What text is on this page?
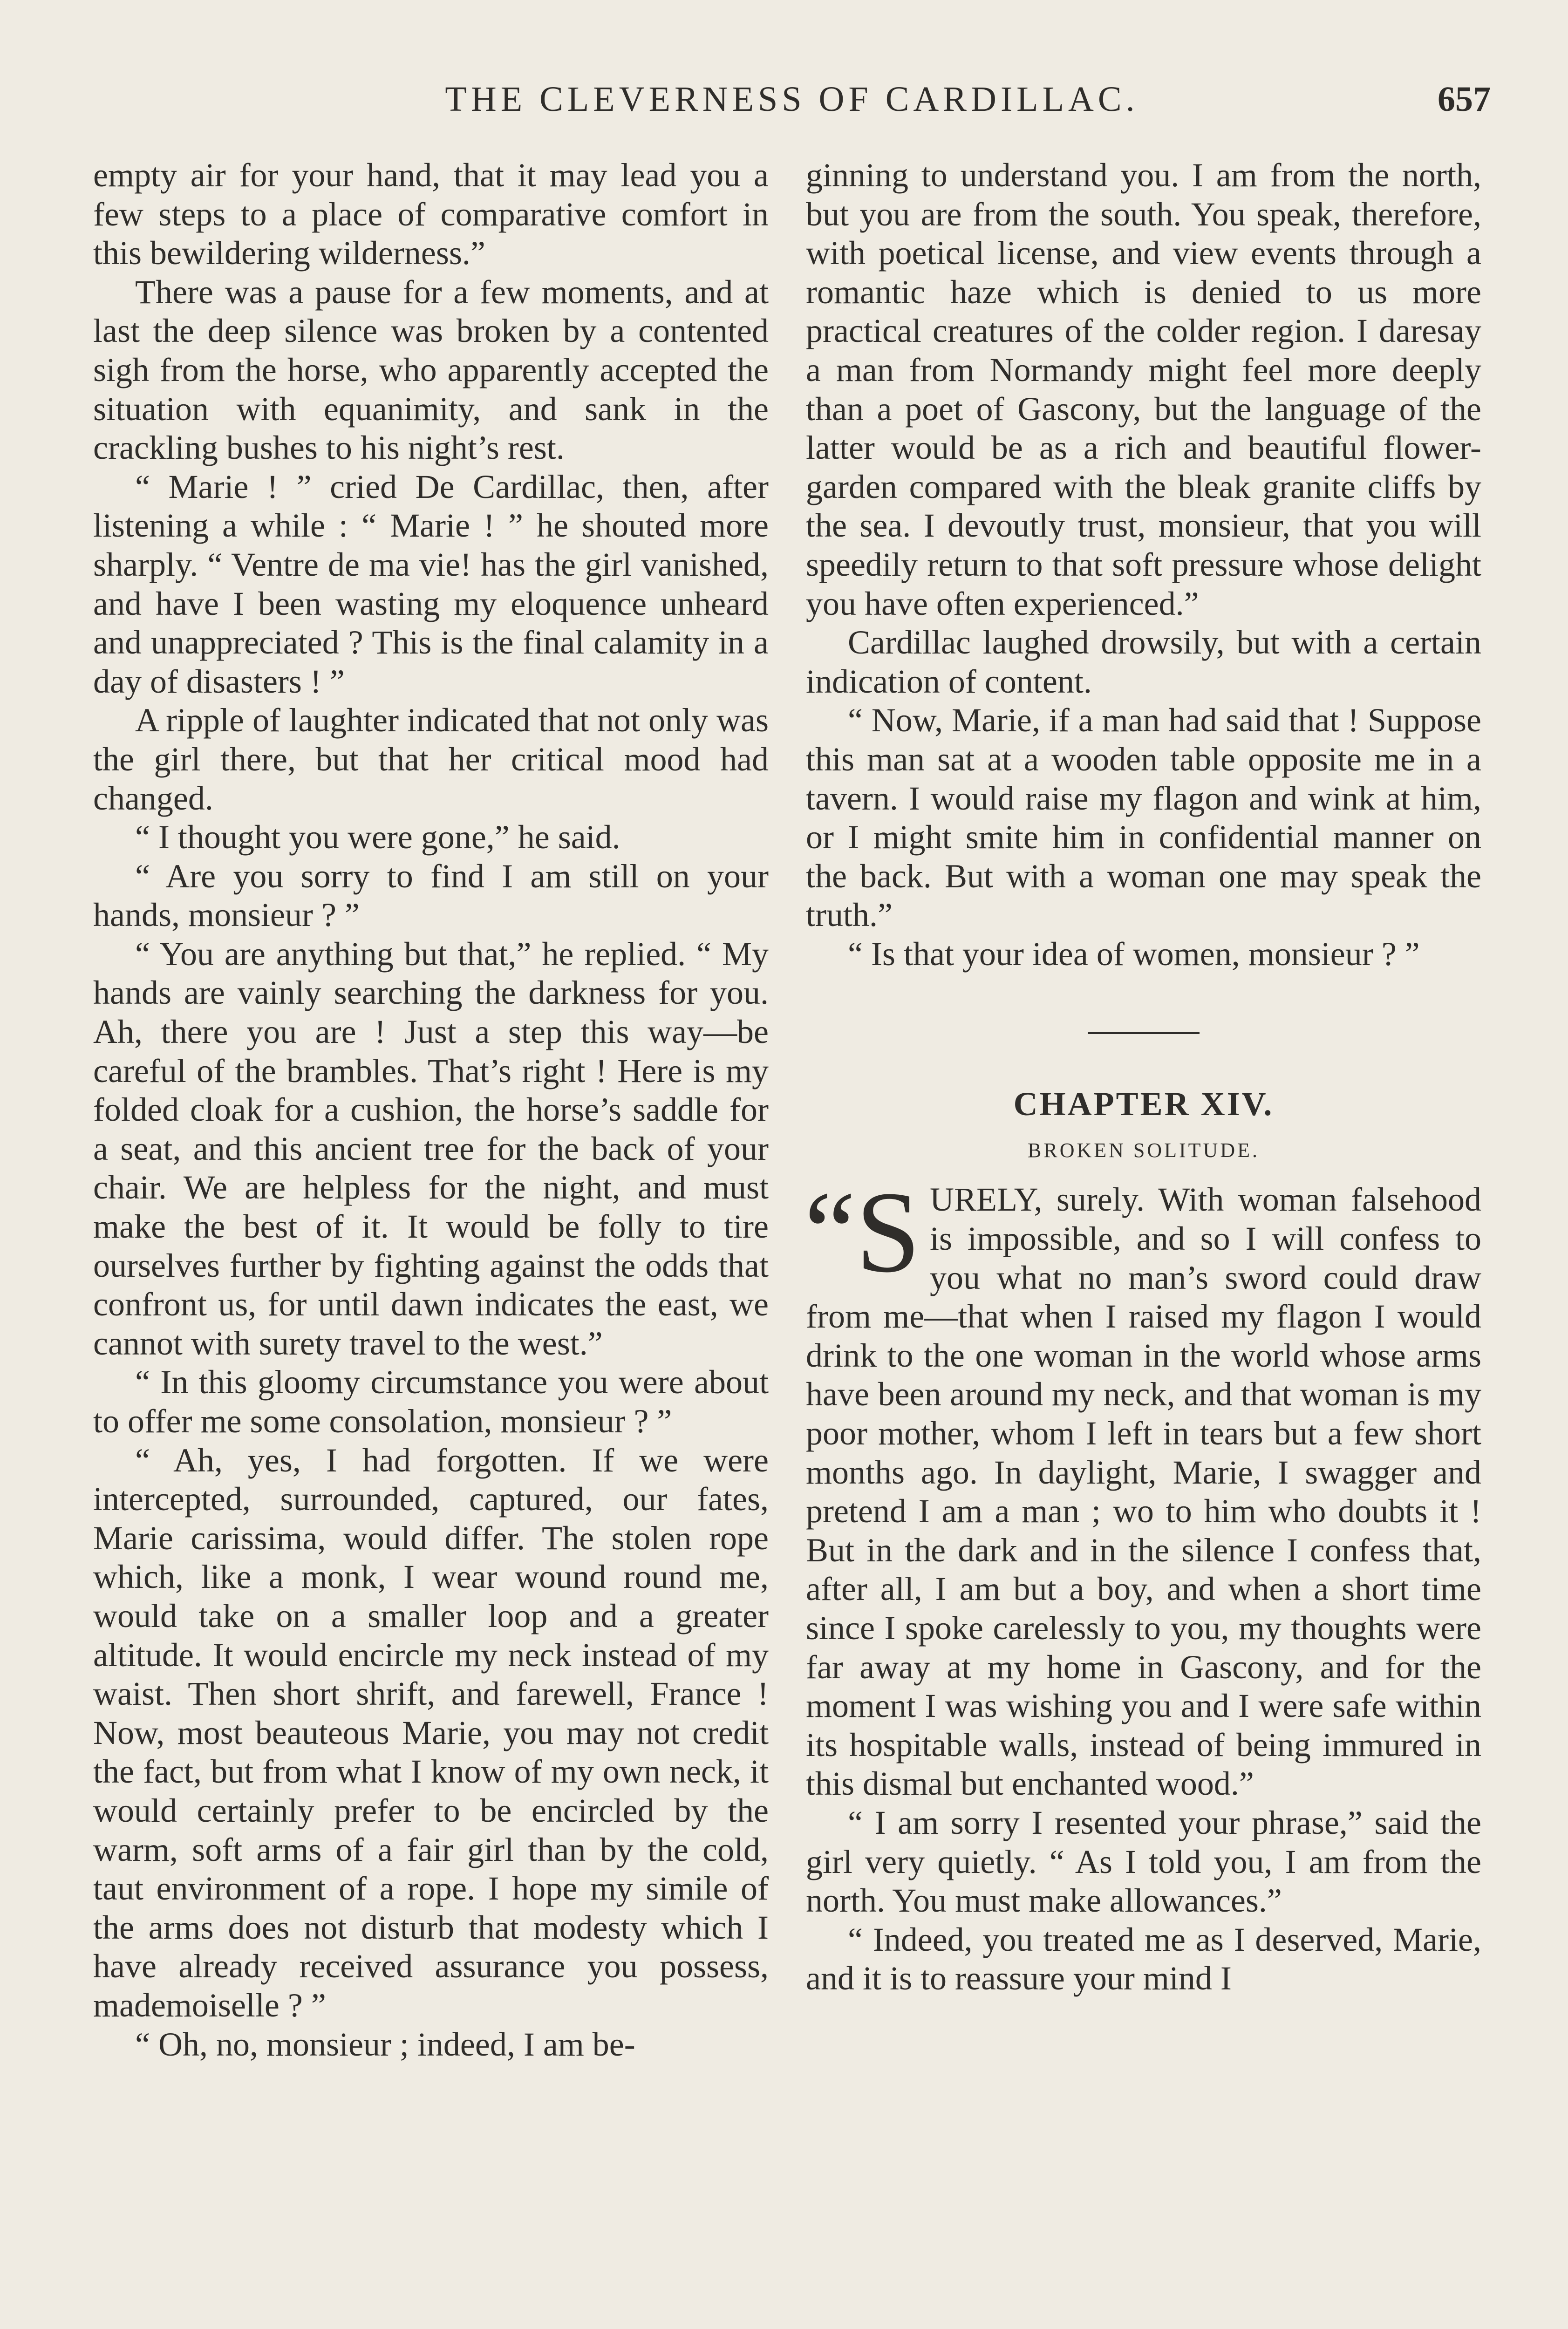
THE CLEVERNESS OF CARDILLAC.	657

empty air for your hand, that it may lead you a few steps to a place of comparative comfort in this bewildering wilderness.”

There was a pause for a few moments, and at last the deep silence was broken by a contented sigh from the horse, who apparently accepted the situation with equanimity, and sank in the crackling bushes to his night’s rest.

“ Marie ! ” cried De Cardillac, then, after listening a while : “ Marie ! ” he shouted more sharply. “ Ventre de ma vie! has the girl vanished, and have I been wasting my eloquence unheard and unappreciated ? This is the final calamity in a day of disasters ! ”

A ripple of laughter indicated that not only was the girl there, but that her critical mood had changed.

“ I thought you were gone,” he said.

“ Are you sorry to find I am still on your hands, monsieur ? ”

“ You are anything but that,” he replied. “ My hands are vainly searching the darkness for you. Ah, there you are ! Just a step this way—be careful of the brambles. That’s right ! Here is my folded cloak for a cushion, the horse’s saddle for a seat, and this ancient tree for the back of your chair. We are helpless for the night, and must make the best of it. It would be folly to tire ourselves further by fighting against the odds that confront us, for until dawn indicates the east, we cannot with surety travel to the west.”

“ In this gloomy circumstance you were about to offer me some consolation, monsieur ? ”

“ Ah, yes, I had forgotten. If we were intercepted, surrounded, captured, our fates, Marie carissima, would differ. The stolen rope which, like a monk, I wear wound round me, would take on a smaller loop and a greater altitude. It would encircle my neck instead of my waist. Then short shrift, and farewell, France ! Now, most beauteous Marie, you may not credit the fact, but from what I know of my own neck, it would certainly prefer to be encircled by the warm, soft arms of a fair girl than by the cold, taut environment of a rope. I hope my simile of the arms does not disturb that modesty which I have already received assurance you possess, mademoiselle ? ”

“ Oh, no, monsieur ; indeed, I am be-

ginning to understand you. I am from the north, but you are from the south. You speak, therefore, with poetical license, and view events through a romantic haze which is denied to us more practical creatures of the colder region. I daresay a man from Normandy might feel more deeply than a poet of Gascony, but the language of the latter would be as a rich and beautiful flower-garden compared with the bleak granite cliffs by the sea. I devoutly trust, monsieur, that you will speedily return to that soft pressure whose delight you have often experienced.”

Cardillac laughed drowsily, but with a certain indication of content.

“ Now, Marie, if a man had said that ! Suppose this man sat at a wooden table opposite me in a tavern. I would raise my flagon and wink at him, or I might smite him in confidential manner on the back. But with a woman one may speak the truth.”

“ Is that your idea of women, monsieur ? ”

CHAPTER XIV.
BROKEN SOLITUDE.

“S URELY, surely. With woman falsehood is impossible, and so I will confess to you what no man’s sword could draw from me—that when I raised my flagon I would drink to the one woman in the world whose arms have been around my neck, and that woman is my poor mother, whom I left in tears but a few short months ago. In daylight, Marie, I swagger and pretend I am a man ; wo to him who doubts it ! But in the dark and in the silence I confess that, after all, I am but a boy, and when a short time since I spoke carelessly to you, my thoughts were far away at my home in Gascony, and for the moment I was wishing you and I were safe within its hospitable walls, instead of being immured in this dismal but enchanted wood.”

“ I am sorry I resented your phrase,” said the girl very quietly. “ As I told you, I am from the north. You must make allowances.”

“ Indeed, you treated me as I deserved, Marie, and it is to reassure your mind I
